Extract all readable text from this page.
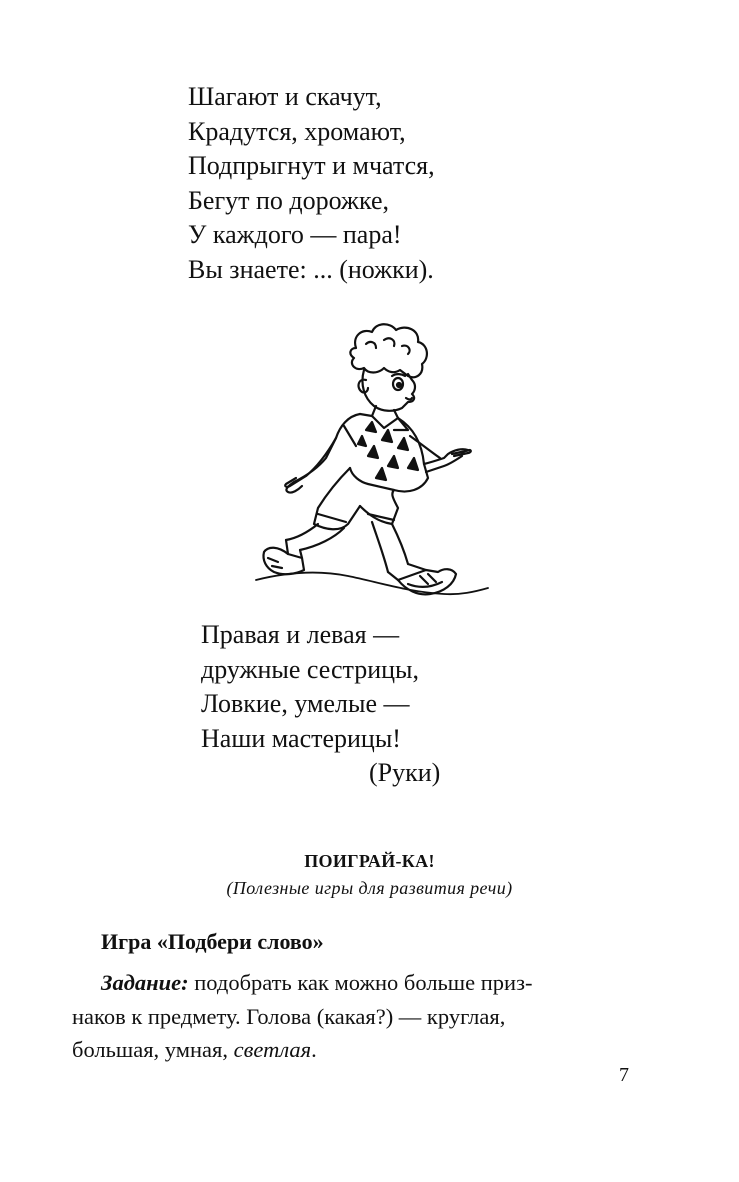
Шагают и скачут,
Крадутся, хромают,
Подпрыгнут и мчатся,
Бегут по дорожке,
У каждого — пара!
Вы знаете: ... (ножки).
Правая и левая —
дружные сестрицы,
Ловкие, умелые —
Наши мастерицы!
(Руки)
ПОИГРАЙ-КА!
(Полезные игры для развития речи)
Игра «Подбери слово»
Задание: подобрать как можно больше приз-
наков к предмету. Голова (какая?) — круглая,
большая, умная, светлая.
7
